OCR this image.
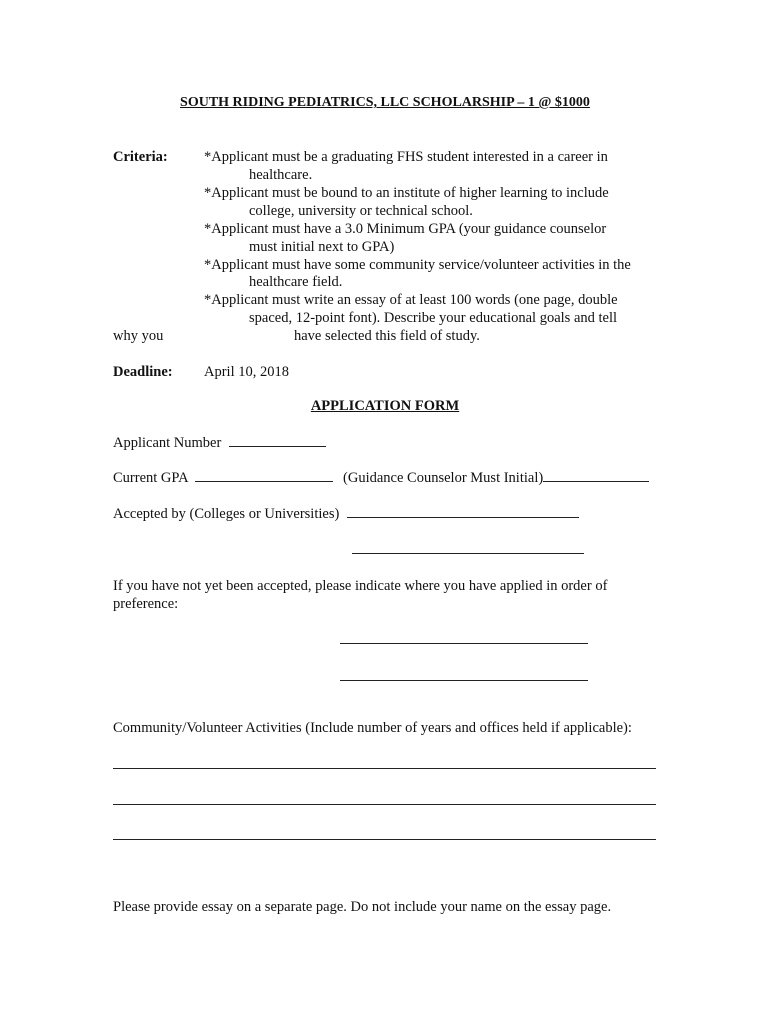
SOUTH RIDING PEDIATRICS, LLC SCHOLARSHIP – 1 @ $1000
Criteria:	*Applicant must be a graduating FHS student interested in a career in
healthcare.
*Applicant must be bound to an institute of higher learning to include
college, university or technical school.
*Applicant must have a 3.0 Minimum GPA (your guidance counselor
must initial next to GPA)
*Applicant must have some community service/volunteer activities in the
healthcare field.
*Applicant must write an essay of at least 100 words (one page, double
spaced, 12-point font). Describe your educational goals and tell
why you	have selected this field of study.
Deadline: April 10, 2018
APPLICATION FORM
Applicant Number
Current GPA	(Guidance Counselor Must Initial)
Accepted by (Colleges or Universities)
If you have not yet been accepted, please indicate where you have applied in order of
preference:
Community/Volunteer Activities (Include number of years and offices held if applicable):
Please provide essay on a separate page. Do not include your name on the essay page.
